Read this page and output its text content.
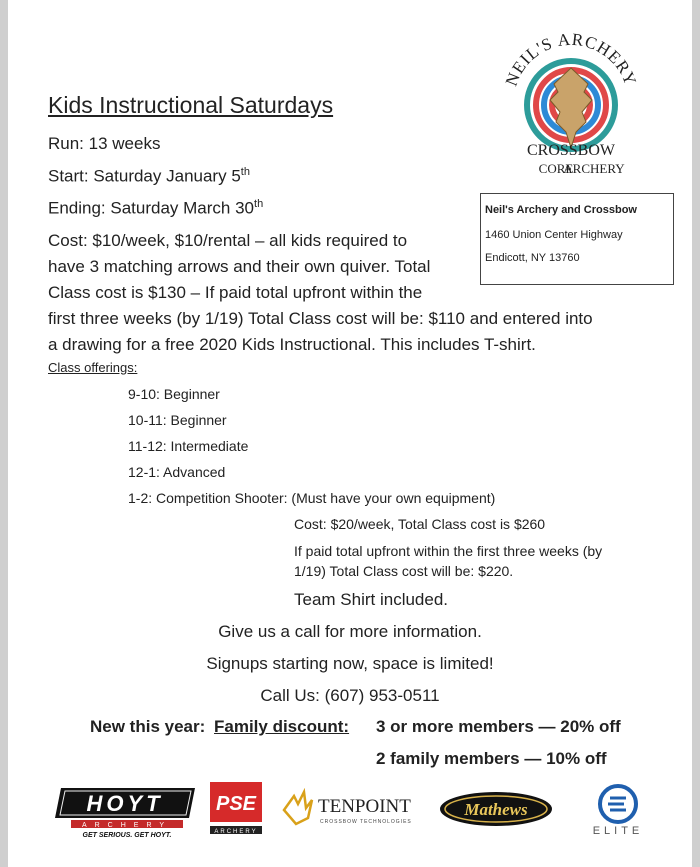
NEIL'S ARCHERY
CROSSBOW
CORE
ARCHERY
Kids Instructional Saturdays
Run: 13 weeks
Start: Saturday January 5th
Ending: Saturday March 30th	Neil's Archery and Crossbow
1460 Union Center Highway
Endicott, NY 13760
Cost: $10/week, $10/rental – all kids required to
have 3 matching arrows and their own quiver. Total
Class cost is $130 – If paid total upfront within the
first three weeks (by 1/19) Total Class cost will be: $110 and entered into
a drawing for a free 2020 Kids Instructional. This includes T-shirt.
Class offerings:
9-10: Beginner
10-11: Beginner
11-12: Intermediate
12-1: Advanced
1-2: Competition Shooter: (Must have your own equipment)
Cost: $20/week, Total Class cost is $260
If paid total upfront within the first three weeks (by
1/19) Total Class cost will be: $220.
Team Shirt included.
Give us a call for more information.
Signups starting now, space is limited!
Call Us: (607) 953-0511
New this year: Family discount: 3 or more members — 20% off
2 family members — 10% off
HOYT
ARCHERY
GET SERIOUS. GET HOYT.
PSE
ARCHERY
TENPOINT
CROSSBOW TECHNOLOGIES
Mathews
ELITE
